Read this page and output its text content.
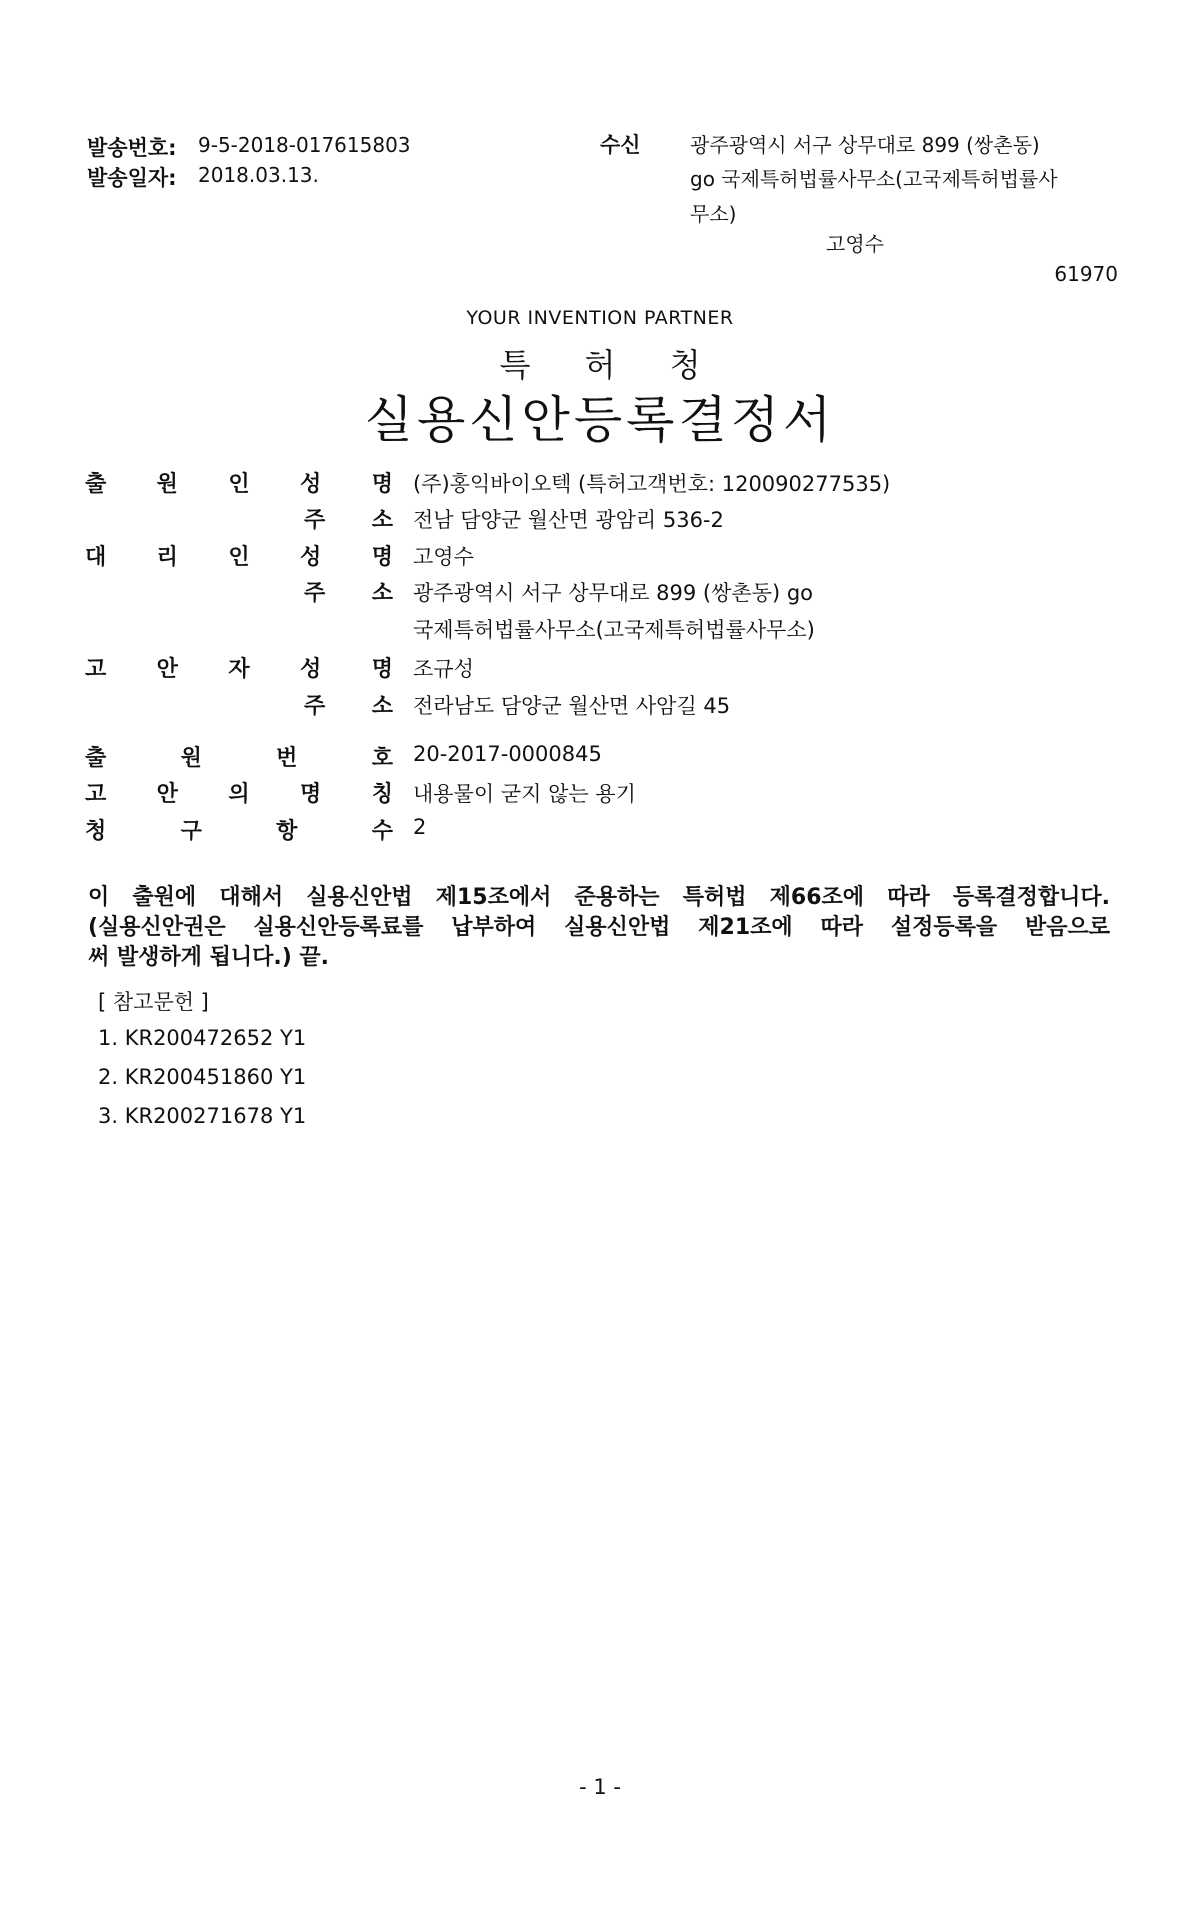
발송번호: 9-5-2018-017615803
발송일자: 2018.03.13.
수신 광주광역시 서구 상무대로 899 (쌍촌동)
go 국제특허법률사무소(고국제특허법률사
무소)
고영수
61970
YOUR INVENTION PARTNER
특 허 청
실용신안등록결정서
출 원 인 성 명 (주)홍익바이오텍 (특허고객번호: 120090277535)
주 소 전남 담양군 월산면 광암리 536-2
대 리 인 성 명 고영수
주 소 광주광역시 서구 상무대로 899 (쌍촌동) go
국제특허법률사무소(고국제특허법률사무소)
고 안 자 성 명 조규성
주 소 전라남도 담양군 월산면 사암길 45
출	원	번	호 20-2017-0000845
고 안 의 명 칭 내용물이 굳지 않는 용기
청	구	항	수 2
이 출원에 대해서 실용신안법 제15조에서 준용하는 특허법 제66조에 따라 등록결정합니다.
(실용신안권은 실용신안등록료를 납부하여 실용신안법 제21조에 따라 설정등록을 받음으로
써 발생하게 됩니다.) 끝.
[ 참고문헌 ]
1. KR200472652 Y1
2. KR200451860 Y1
3. KR200271678 Y1
- 1 -
